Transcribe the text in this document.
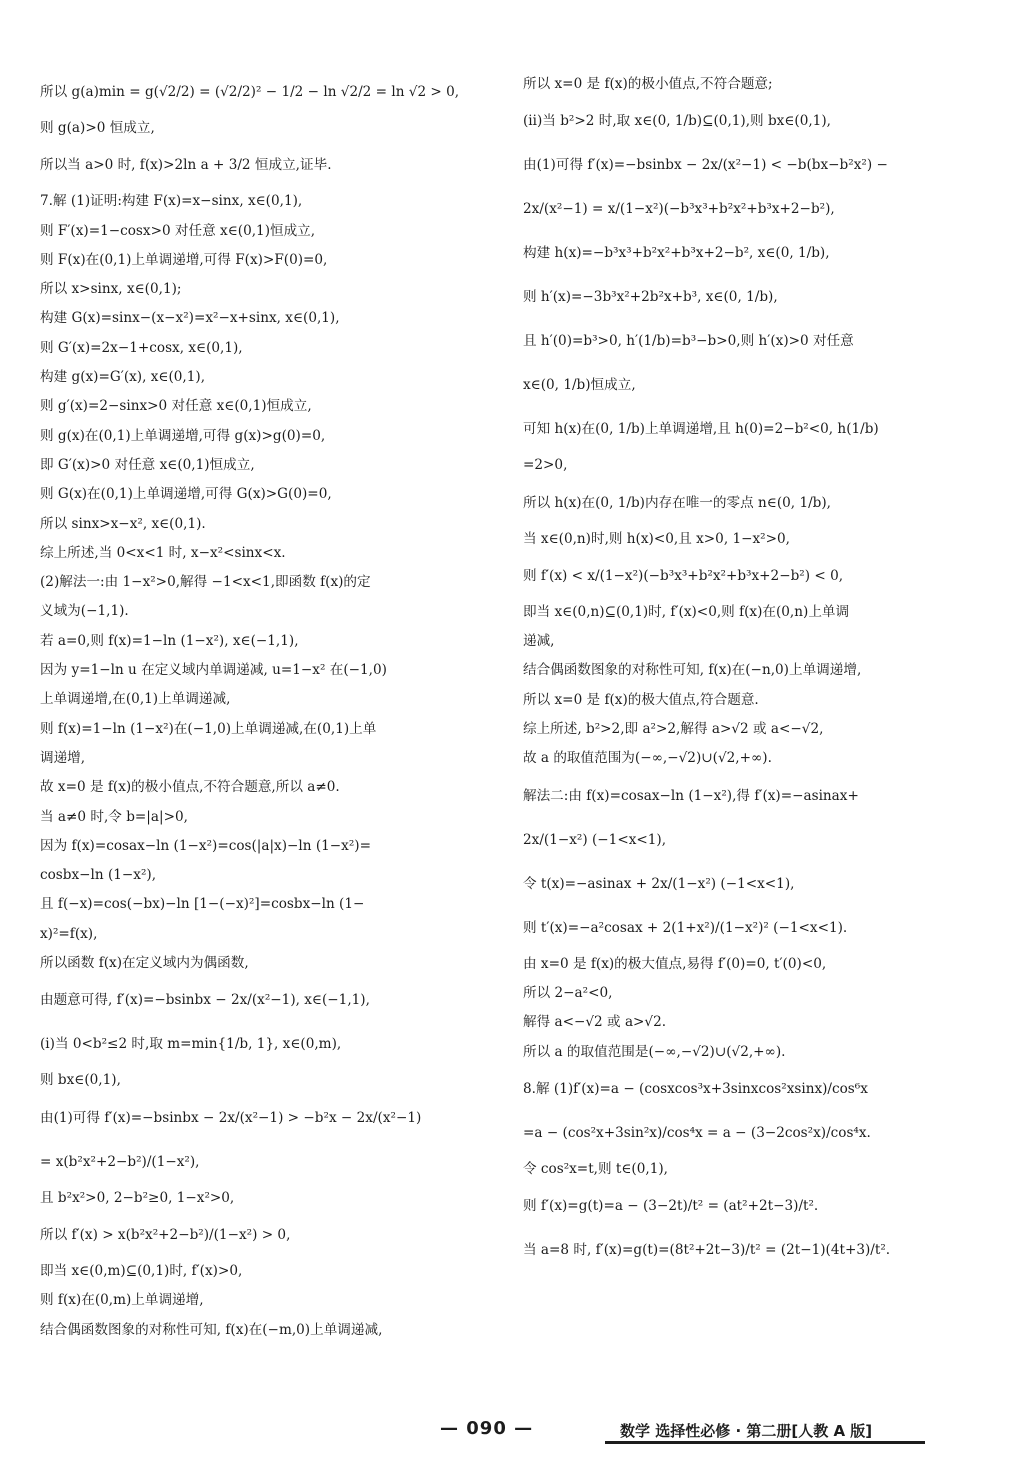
所以 g(a)min = g(√2/2) = (√2/2)² − 1/2 − ln √2/2 = ln √2 > 0,
则 g(a)>0 恒成立,
所以当 a>0 时, f(x)>2ln a + 3/2 恒成立,证毕.
7.解 (1)证明:构建 F(x)=x−sinx, x∈(0,1),
则 F′(x)=1−cosx>0 对任意 x∈(0,1)恒成立,
则 F(x)在(0,1)上单调递增,可得 F(x)>F(0)=0,
所以 x>sinx, x∈(0,1);
构建 G(x)=sinx−(x−x²)=x²−x+sinx, x∈(0,1),
则 G′(x)=2x−1+cosx, x∈(0,1),
构建 g(x)=G′(x), x∈(0,1),
则 g′(x)=2−sinx>0 对任意 x∈(0,1)恒成立,
则 g(x)在(0,1)上单调递增,可得 g(x)>g(0)=0,
即 G′(x)>0 对任意 x∈(0,1)恒成立,
则 G(x)在(0,1)上单调递增,可得 G(x)>G(0)=0,
所以 sinx>x−x², x∈(0,1).
综上所述,当 0<x<1 时, x−x²<sinx<x.
(2)解法一:由 1−x²>0,解得 −1<x<1,即函数 f(x)的定
义域为(−1,1).
若 a=0,则 f(x)=1−ln (1−x²), x∈(−1,1),
因为 y=1−ln u 在定义域内单调递减, u=1−x² 在(−1,0)
上单调递增,在(0,1)上单调递减,
则 f(x)=1−ln (1−x²)在(−1,0)上单调递减,在(0,1)上单
调递增,
故 x=0 是 f(x)的极小值点,不符合题意,所以 a≠0.
当 a≠0 时,令 b=|a|>0,
因为 f(x)=cosax−ln (1−x²)=cos(|a|x)−ln (1−x²)=
cosbx−ln (1−x²),
且 f(−x)=cos(−bx)−ln [1−(−x)²]=cosbx−ln (1−
x)²=f(x),
所以函数 f(x)在定义域内为偶函数,
由题意可得, f′(x)=−bsinbx − 2x/(x²−1), x∈(−1,1),
(ⅰ)当 0<b²≤2 时,取 m=min{1/b, 1}, x∈(0,m),
则 bx∈(0,1),
由(1)可得 f′(x)=−bsinbx − 2x/(x²−1) > −b²x − 2x/(x²−1)
= x(b²x²+2−b²)/(1−x²),
且 b²x²>0, 2−b²≥0, 1−x²>0,
所以 f′(x) > x(b²x²+2−b²)/(1−x²) > 0,
即当 x∈(0,m)⊆(0,1)时, f′(x)>0,
则 f(x)在(0,m)上单调递增,
结合偶函数图象的对称性可知, f(x)在(−m,0)上单调递减,
所以 x=0 是 f(x)的极小值点,不符合题意;
(ⅱ)当 b²>2 时,取 x∈(0, 1/b)⊆(0,1),则 bx∈(0,1),
由(1)可得 f′(x)=−bsinbx − 2x/(x²−1) < −b(bx−b²x²) −
2x/(x²−1) = x/(1−x²)(−b³x³+b²x²+b³x+2−b²),
构建 h(x)=−b³x³+b²x²+b³x+2−b², x∈(0, 1/b),
则 h′(x)=−3b³x²+2b²x+b³, x∈(0, 1/b),
且 h′(0)=b³>0, h′(1/b)=b³−b>0,则 h′(x)>0 对任意
x∈(0, 1/b)恒成立,
可知 h(x)在(0, 1/b)上单调递增,且 h(0)=2−b²<0, h(1/b)
=2>0,
所以 h(x)在(0, 1/b)内存在唯一的零点 n∈(0, 1/b),
当 x∈(0,n)时,则 h(x)<0,且 x>0, 1−x²>0,
则 f′(x) < x/(1−x²)(−b³x³+b²x²+b³x+2−b²) < 0,
即当 x∈(0,n)⊆(0,1)时, f′(x)<0,则 f(x)在(0,n)上单调
递减,
结合偶函数图象的对称性可知, f(x)在(−n,0)上单调递增,
所以 x=0 是 f(x)的极大值点,符合题意.
综上所述, b²>2,即 a²>2,解得 a>√2 或 a<−√2,
故 a 的取值范围为(−∞,−√2)∪(√2,+∞).
解法二:由 f(x)=cosax−ln (1−x²),得 f′(x)=−asinax+
2x/(1−x²) (−1<x<1),
令 t(x)=−asinax + 2x/(1−x²) (−1<x<1),
则 t′(x)=−a²cosax + 2(1+x²)/(1−x²)² (−1<x<1).
由 x=0 是 f(x)的极大值点,易得 f′(0)=0, t′(0)<0,
所以 2−a²<0,
解得 a<−√2 或 a>√2.
所以 a 的取值范围是(−∞,−√2)∪(√2,+∞).
8.解 (1)f′(x)=a − (cosxcos³x+3sinxcos²xsinx)/cos⁶x
=a − (cos²x+3sin²x)/cos⁴x = a − (3−2cos²x)/cos⁴x.
令 cos²x=t,则 t∈(0,1),
则 f′(x)=g(t)=a − (3−2t)/t² = (at²+2t−3)/t².
当 a=8 时, f′(x)=g(t)=(8t²+2t−3)/t² = (2t−1)(4t+3)/t².
— 090 —	数学 选择性必修 · 第二册[人教 A 版]
